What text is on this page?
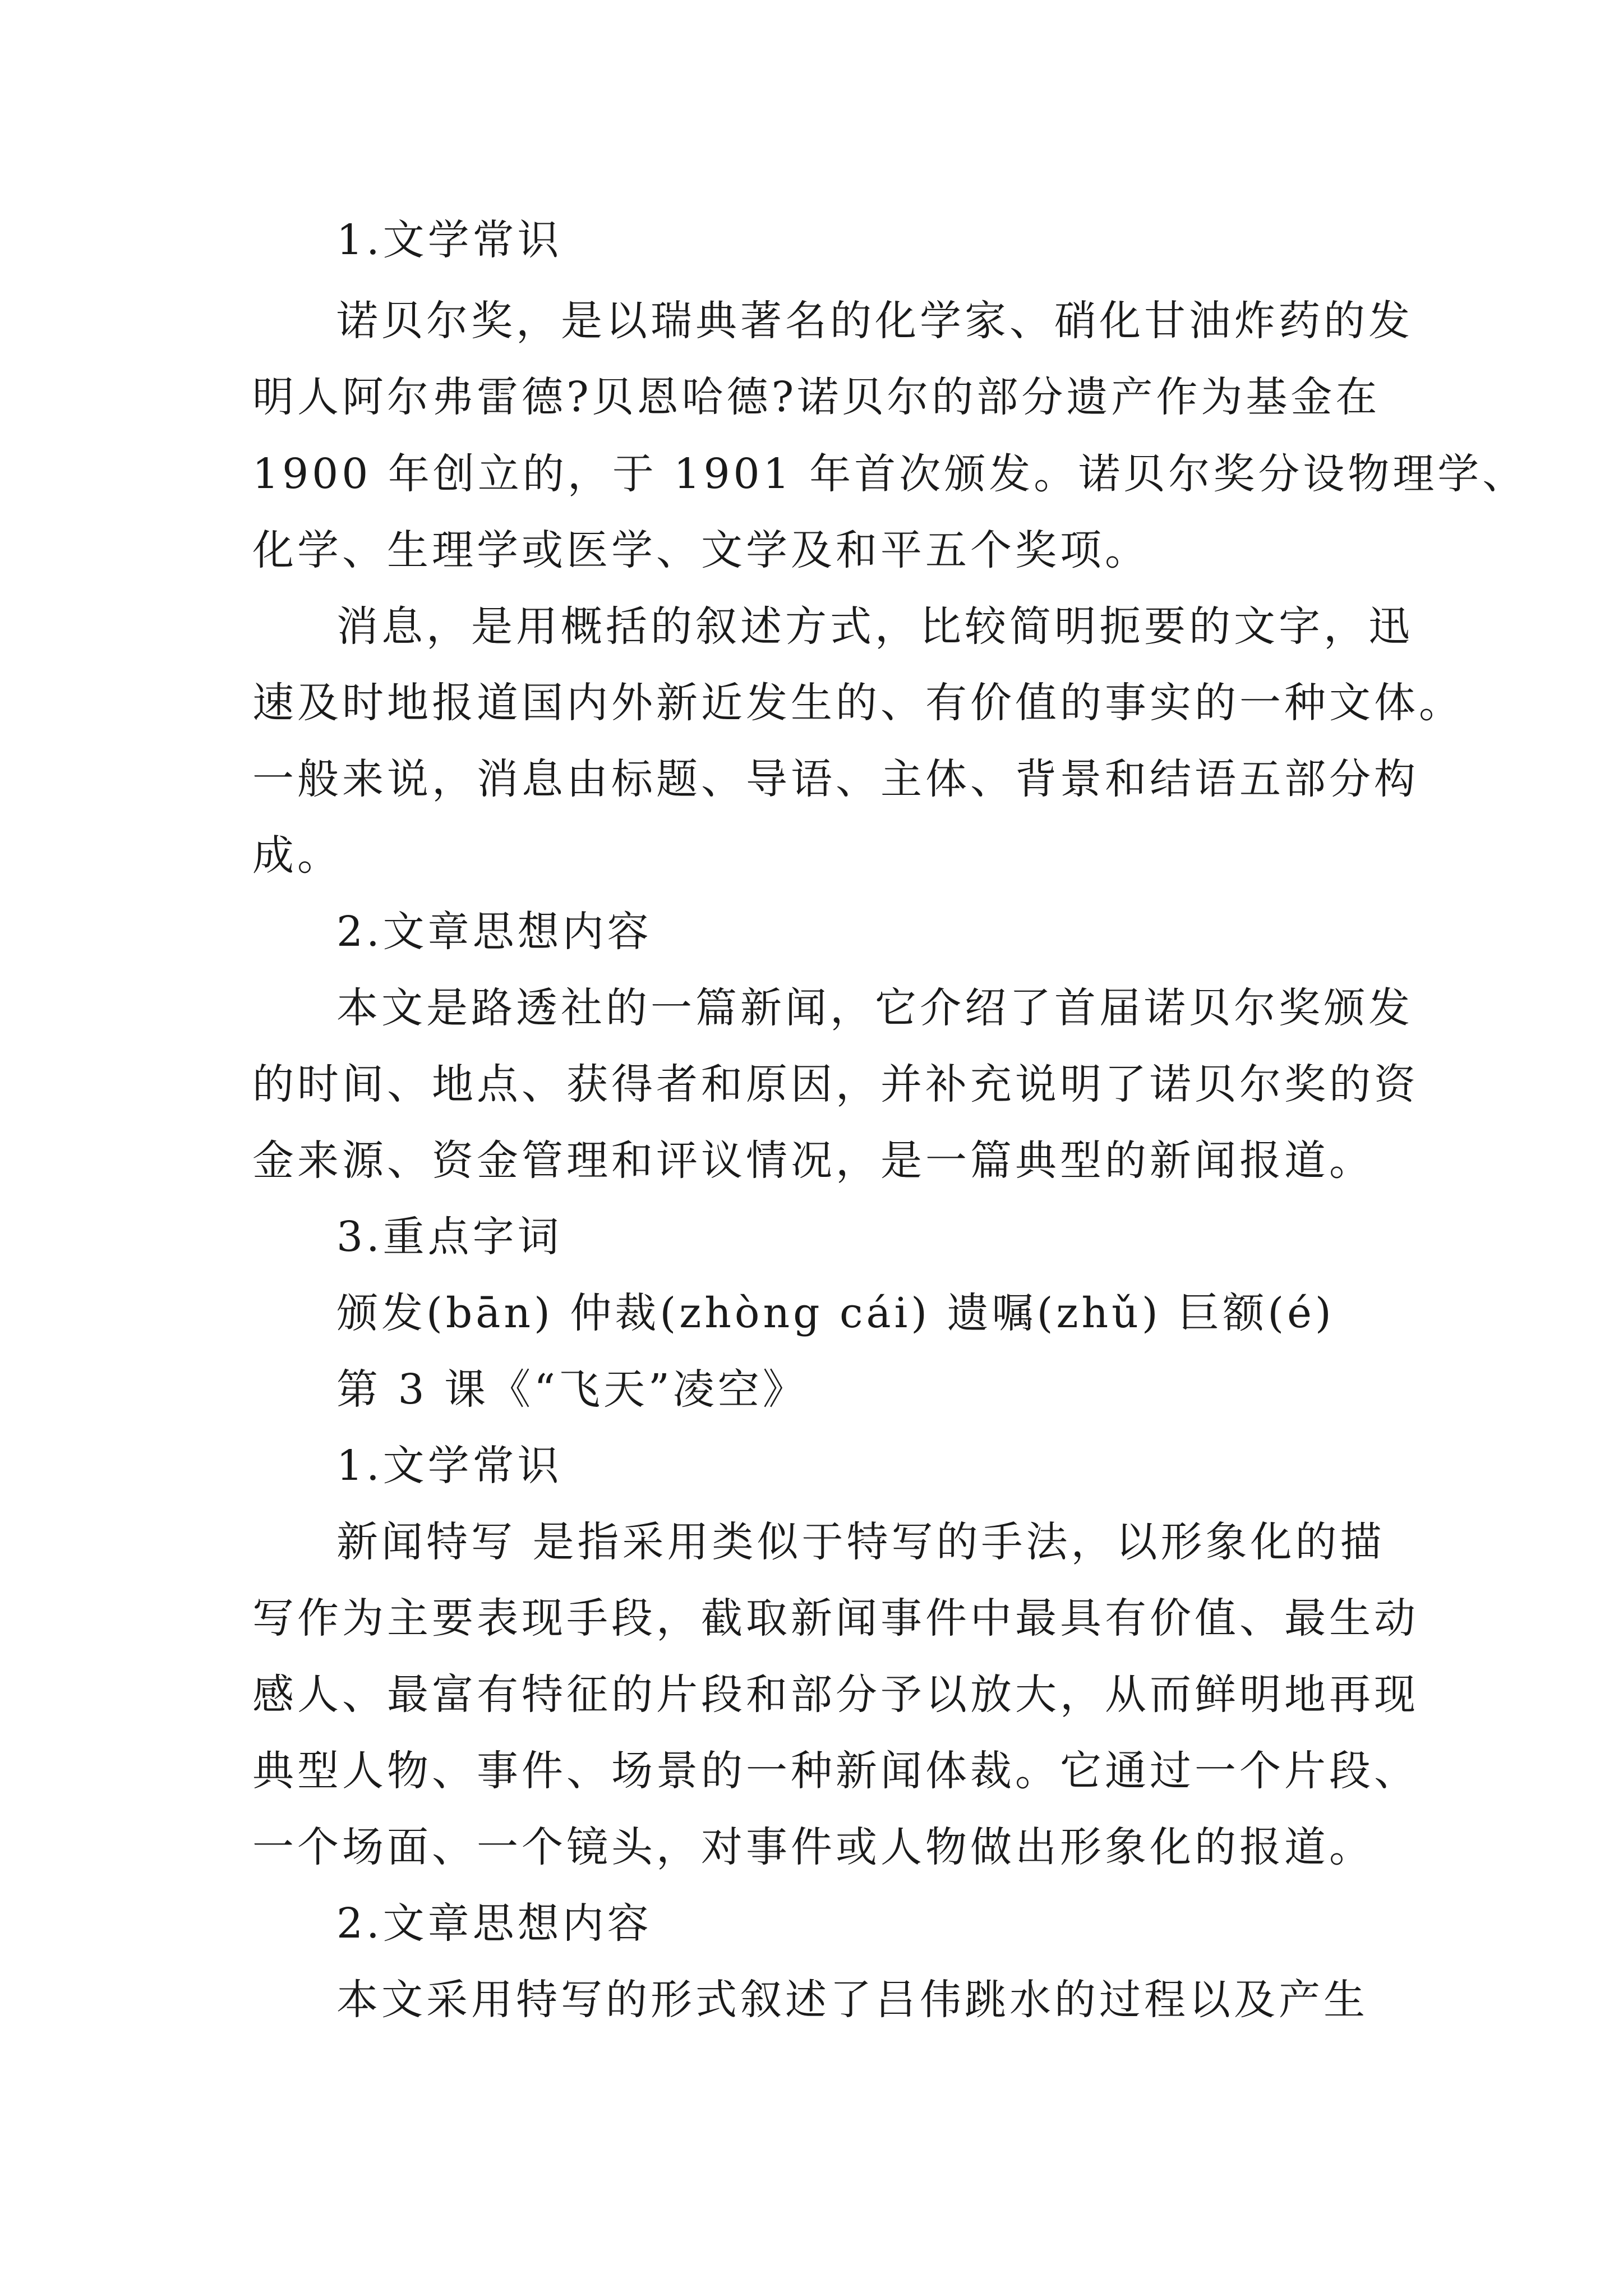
1.文学常识
诺贝尔奖，是以瑞典著名的化学家、硝化甘油炸药的发
明人阿尔弗雷德?贝恩哈德?诺贝尔的部分遗产作为基金在
1900 年创立的，于 1901 年首次颁发。诺贝尔奖分设物理学、
化学、生理学或医学、文学及和平五个奖项。
消息，是用概括的叙述方式，比较简明扼要的文字，迅
速及时地报道国内外新近发生的、有价值的事实的一种文体。
一般来说，消息由标题、导语、主体、背景和结语五部分构
成。
2.文章思想内容
本文是路透社的一篇新闻，它介绍了首届诺贝尔奖颁发
的时间、地点、获得者和原因，并补充说明了诺贝尔奖的资
金来源、资金管理和评议情况，是一篇典型的新闻报道。
3.重点字词
颁发(bān) 仲裁(zhòng cái) 遗嘱(zhǔ) 巨额(é)
第 3 课《“飞天”凌空》
1.文学常识
新闻特写 是指采用类似于特写的手法，以形象化的描
写作为主要表现手段，截取新闻事件中最具有价值、最生动
感人、最富有特征的片段和部分予以放大，从而鲜明地再现
典型人物、事件、场景的一种新闻体裁。它通过一个片段、
一个场面、一个镜头，对事件或人物做出形象化的报道。
2.文章思想内容
本文采用特写的形式叙述了吕伟跳水的过程以及产生
